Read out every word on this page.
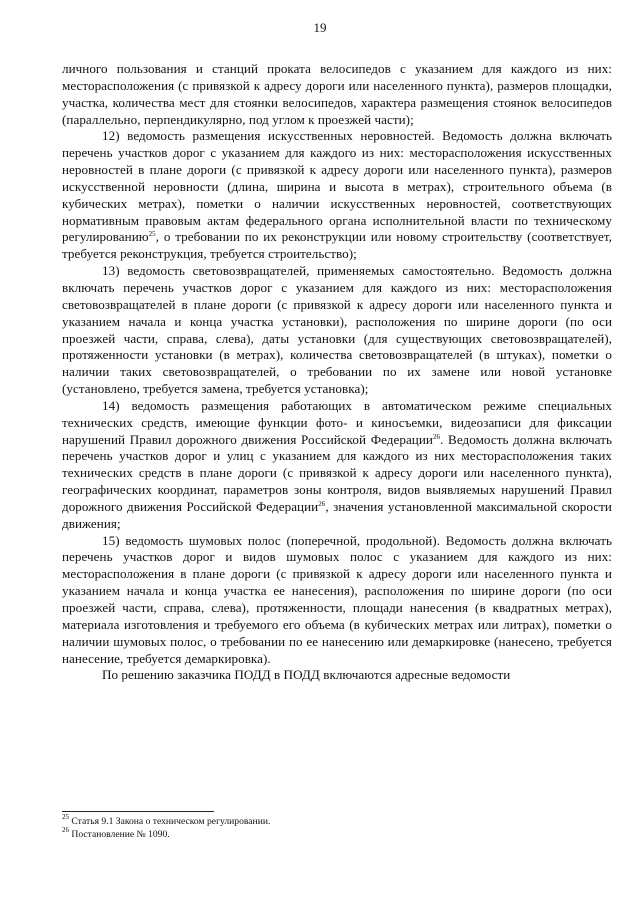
19

личного пользования и станций проката велосипедов с указанием для каждого из них: месторасположения (с привязкой к адресу дороги или населенного пункта), размеров площадки, участка, количества мест для стоянки велосипедов, характера размещения стоянок велосипедов (параллельно, перпендикулярно, под углом к проезжей части);

12) ведомость размещения искусственных неровностей. Ведомость должна включать перечень участков дорог с указанием для каждого из них: месторасположения искусственных неровностей в плане дороги (с привязкой к адресу дороги или населенного пункта), размеров искусственной неровности (длина, ширина и высота в метрах), строительного объема (в кубических метрах), пометки о наличии искусственных неровностей, соответствующих нормативным правовым актам федерального органа исполнительной власти по техническому регулированию$^{25}$, о требовании по их реконструкции или новому строительству (соответствует, требуется реконструкция, требуется строительство);

13) ведомость световозвращателей, применяемых самостоятельно. Ведомость должна включать перечень участков дорог с указанием для каждого из них: месторасположения световозвращателей в плане дороги (с привязкой к адресу дороги или населенного пункта и указанием начала и конца участка установки), расположения по ширине дороги (по оси проезжей части, справа, слева), даты установки (для существующих световозвращателей), протяженности установки (в метрах), количества световозвращателей (в штуках), пометки о наличии таких световозвращателей, о требовании по их замене или новой установке (установлено, требуется замена, требуется установка);

14) ведомость размещения работающих в автоматическом режиме специальных технических средств, имеющие функции фото- и киносъемки, видеозаписи для фиксации нарушений Правил дорожного движения Российской Федерации$^{26}$. Ведомость должна включать перечень участков дорог и улиц с указанием для каждого из них месторасположения таких технических средств в плане дороги (с привязкой к адресу дороги или населенного пункта), географических координат, параметров зоны контроля, видов выявляемых нарушений Правил дорожного движения Российской Федерации$^{26}$, значения установленной максимальной скорости движения;

15) ведомость шумовых полос (поперечной, продольной). Ведомость должна включать перечень участков дорог и видов шумовых полос с указанием для каждого из них: месторасположения в плане дороги (с привязкой к адресу дороги или населенного пункта и указанием начала и конца участка ее нанесения), расположения по ширине дороги (по оси проезжей части, справа, слева), протяженности, площади нанесения (в квадратных метрах), материала изготовления и требуемого его объема (в кубических метрах или литрах), пометки о наличии шумовых полос, о требовании по ее нанесению или демаркировке (нанесено, требуется нанесение, требуется демаркировка).

По решению заказчика ПОДД в ПОДД включаются адресные ведомости

$^{25}$ Статья 9.1 Закона о техническом регулировании.

$^{26}$ Постановление № 1090.
